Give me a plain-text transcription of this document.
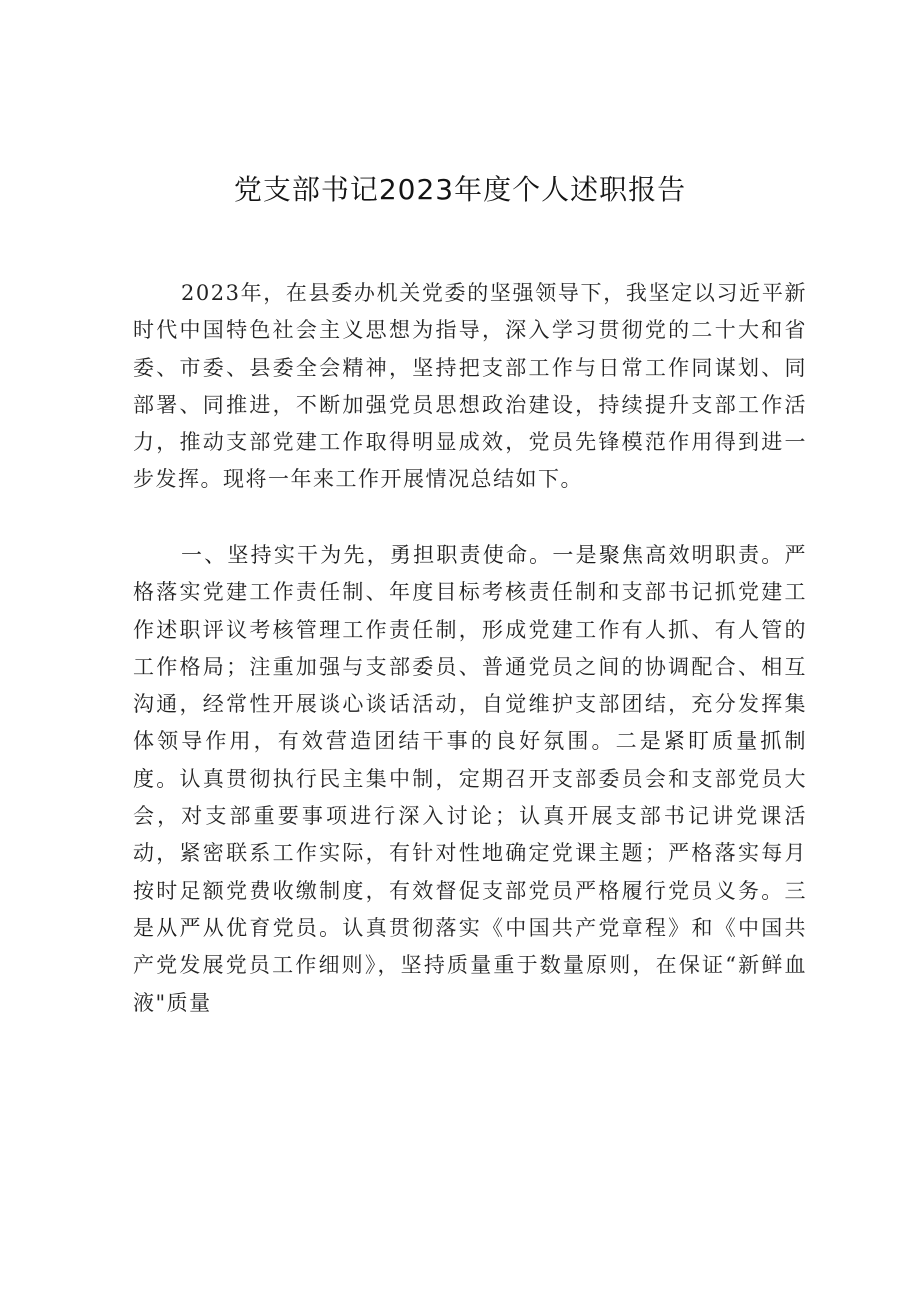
党支部书记2023年度个人述职报告

2023年，在县委办机关党委的坚强领导下，我坚定以习近平新时代中国特色社会主义思想为指导，深入学习贯彻党的二十大和省委、市委、县委全会精神，坚持把支部工作与日常工作同谋划、同部署、同推进，不断加强党员思想政治建设，持续提升支部工作活力，推动支部党建工作取得明显成效，党员先锋模范作用得到进一步发挥。现将一年来工作开展情况总结如下。

一、坚持实干为先，勇担职责使命。一是聚焦高效明职责。严格落实党建工作责任制、年度目标考核责任制和支部书记抓党建工作述职评议考核管理工作责任制，形成党建工作有人抓、有人管的工作格局；注重加强与支部委员、普通党员之间的协调配合、相互沟通，经常性开展谈心谈话活动，自觉维护支部团结，充分发挥集体领导作用，有效营造团结干事的良好氛围。二是紧盯质量抓制度。认真贯彻执行民主集中制，定期召开支部委员会和支部党员大会，对支部重要事项进行深入讨论；认真开展支部书记讲党课活动，紧密联系工作实际，有针对性地确定党课主题；严格落实每月按时足额党费收缴制度，有效督促支部党员严格履行党员义务。三是从严从优育党员。认真贯彻落实《中国共产党章程》和《中国共产党发展党员工作细则》，坚持质量重于数量原则，在保证“新鲜血液"质量
